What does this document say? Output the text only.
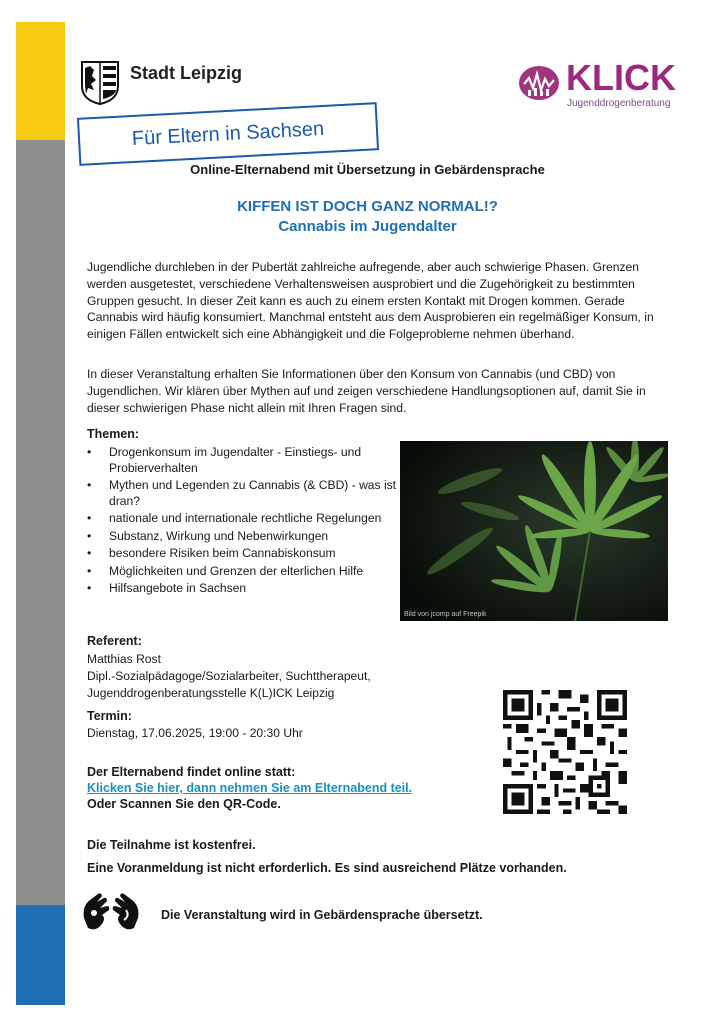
Stadt Leipzig	KLICK
Jugenddrogenberatung
Für Eltern in Sachsen
Online-Elternabend mit Übersetzung in Gebärdensprache
KIFFEN IST DOCH GANZ NORMAL!?
Cannabis im Jugendalter
Jugendliche durchleben in der Pubertät zahlreiche aufregende, aber auch schwierige Phasen. Grenzen werden ausgetestet, verschiedene Verhaltensweisen ausprobiert und die Zugehörigkeit zu bestimmten Gruppen gesucht. In dieser Zeit kann es auch zu einem ersten Kontakt mit Drogen kommen. Gerade Cannabis wird häufig konsumiert. Manchmal entsteht aus dem Ausprobieren ein regelmäßiger Konsum, in einigen Fällen entwickelt sich eine Abhängigkeit und die Folgeprobleme nehmen überhand.
In dieser Veranstaltung erhalten Sie Informationen über den Konsum von Cannabis (und CBD) von Jugendlichen. Wir klären über Mythen auf und zeigen verschiedene Handlungsoptionen auf, damit Sie in dieser schwierigen Phase nicht allein mit Ihren Fragen sind.
Themen:
• Drogenkonsum im Jugendalter - Einstiegs- und Probierverhalten
• Mythen und Legenden zu Cannabis (& CBD) - was ist dran?
• nationale und internationale rechtliche Regelungen
• Substanz, Wirkung und Nebenwirkungen
• besondere Risiken beim Cannabiskonsum
• Möglichkeiten und Grenzen der elterlichen Hilfe
• Hilfsangebote in Sachsen
Bild von jcomp auf Freepik
Referent:
Matthias Rost
Dipl.-Sozialpädagoge/Sozialarbeiter, Suchttherapeut,
Jugenddrogenberatungsstelle K(L)ICK Leipzig
Termin:
Dienstag, 17.06.2025, 19:00 - 20:30 Uhr
Der Elternabend findet online statt:
Klicken Sie hier, dann nehmen Sie am Elternabend teil.
Oder Scannen Sie den QR-Code.
Die Teilnahme ist kostenfrei.
Eine Voranmeldung ist nicht erforderlich. Es sind ausreichend Plätze vorhanden.
Die Veranstaltung wird in Gebärdensprache übersetzt.
